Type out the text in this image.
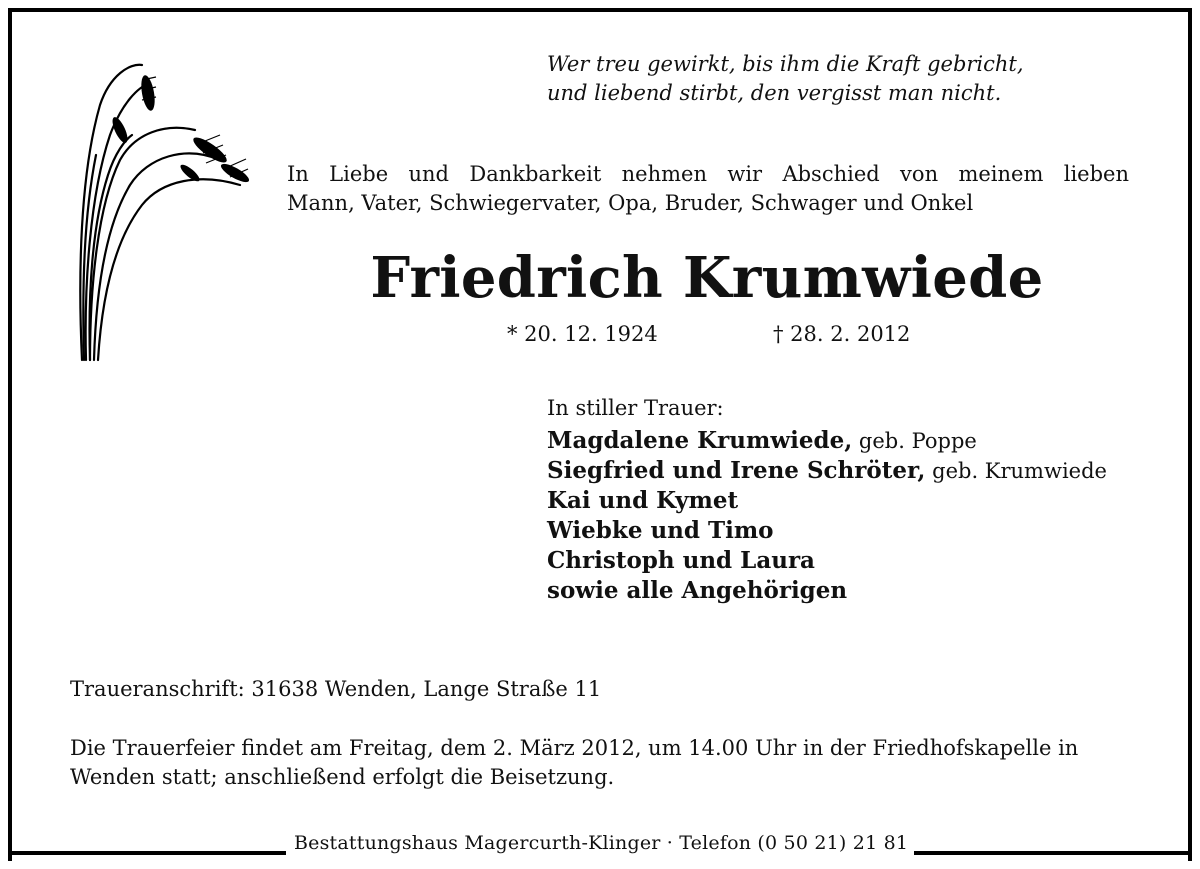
Wer treu gewirkt, bis ihm die Kraft gebricht,
und liebend stirbt, den vergisst man nicht.
In Liebe und Dankbarkeit nehmen wir Abschied von meinem lieben
Mann, Vater, Schwiegervater, Opa, Bruder, Schwager und Onkel
Friedrich Krumwiede
* 20. 12. 1924	† 28. 2. 2012
In stiller Trauer:
Magdalene Krumwiede, geb. Poppe
Siegfried und Irene Schröter, geb. Krumwiede
Kai und Kymet
Wiebke und Timo
Christoph und Laura
sowie alle Angehörigen
Traueranschrift: 31638 Wenden, Lange Straße 11
Die Trauerfeier findet am Freitag, dem 2. März 2012, um 14.00 Uhr in der Friedhofskapelle in
Wenden statt; anschließend erfolgt die Beisetzung.
Bestattungshaus Magercurth-Klinger · Telefon (0 50 21) 21 81
